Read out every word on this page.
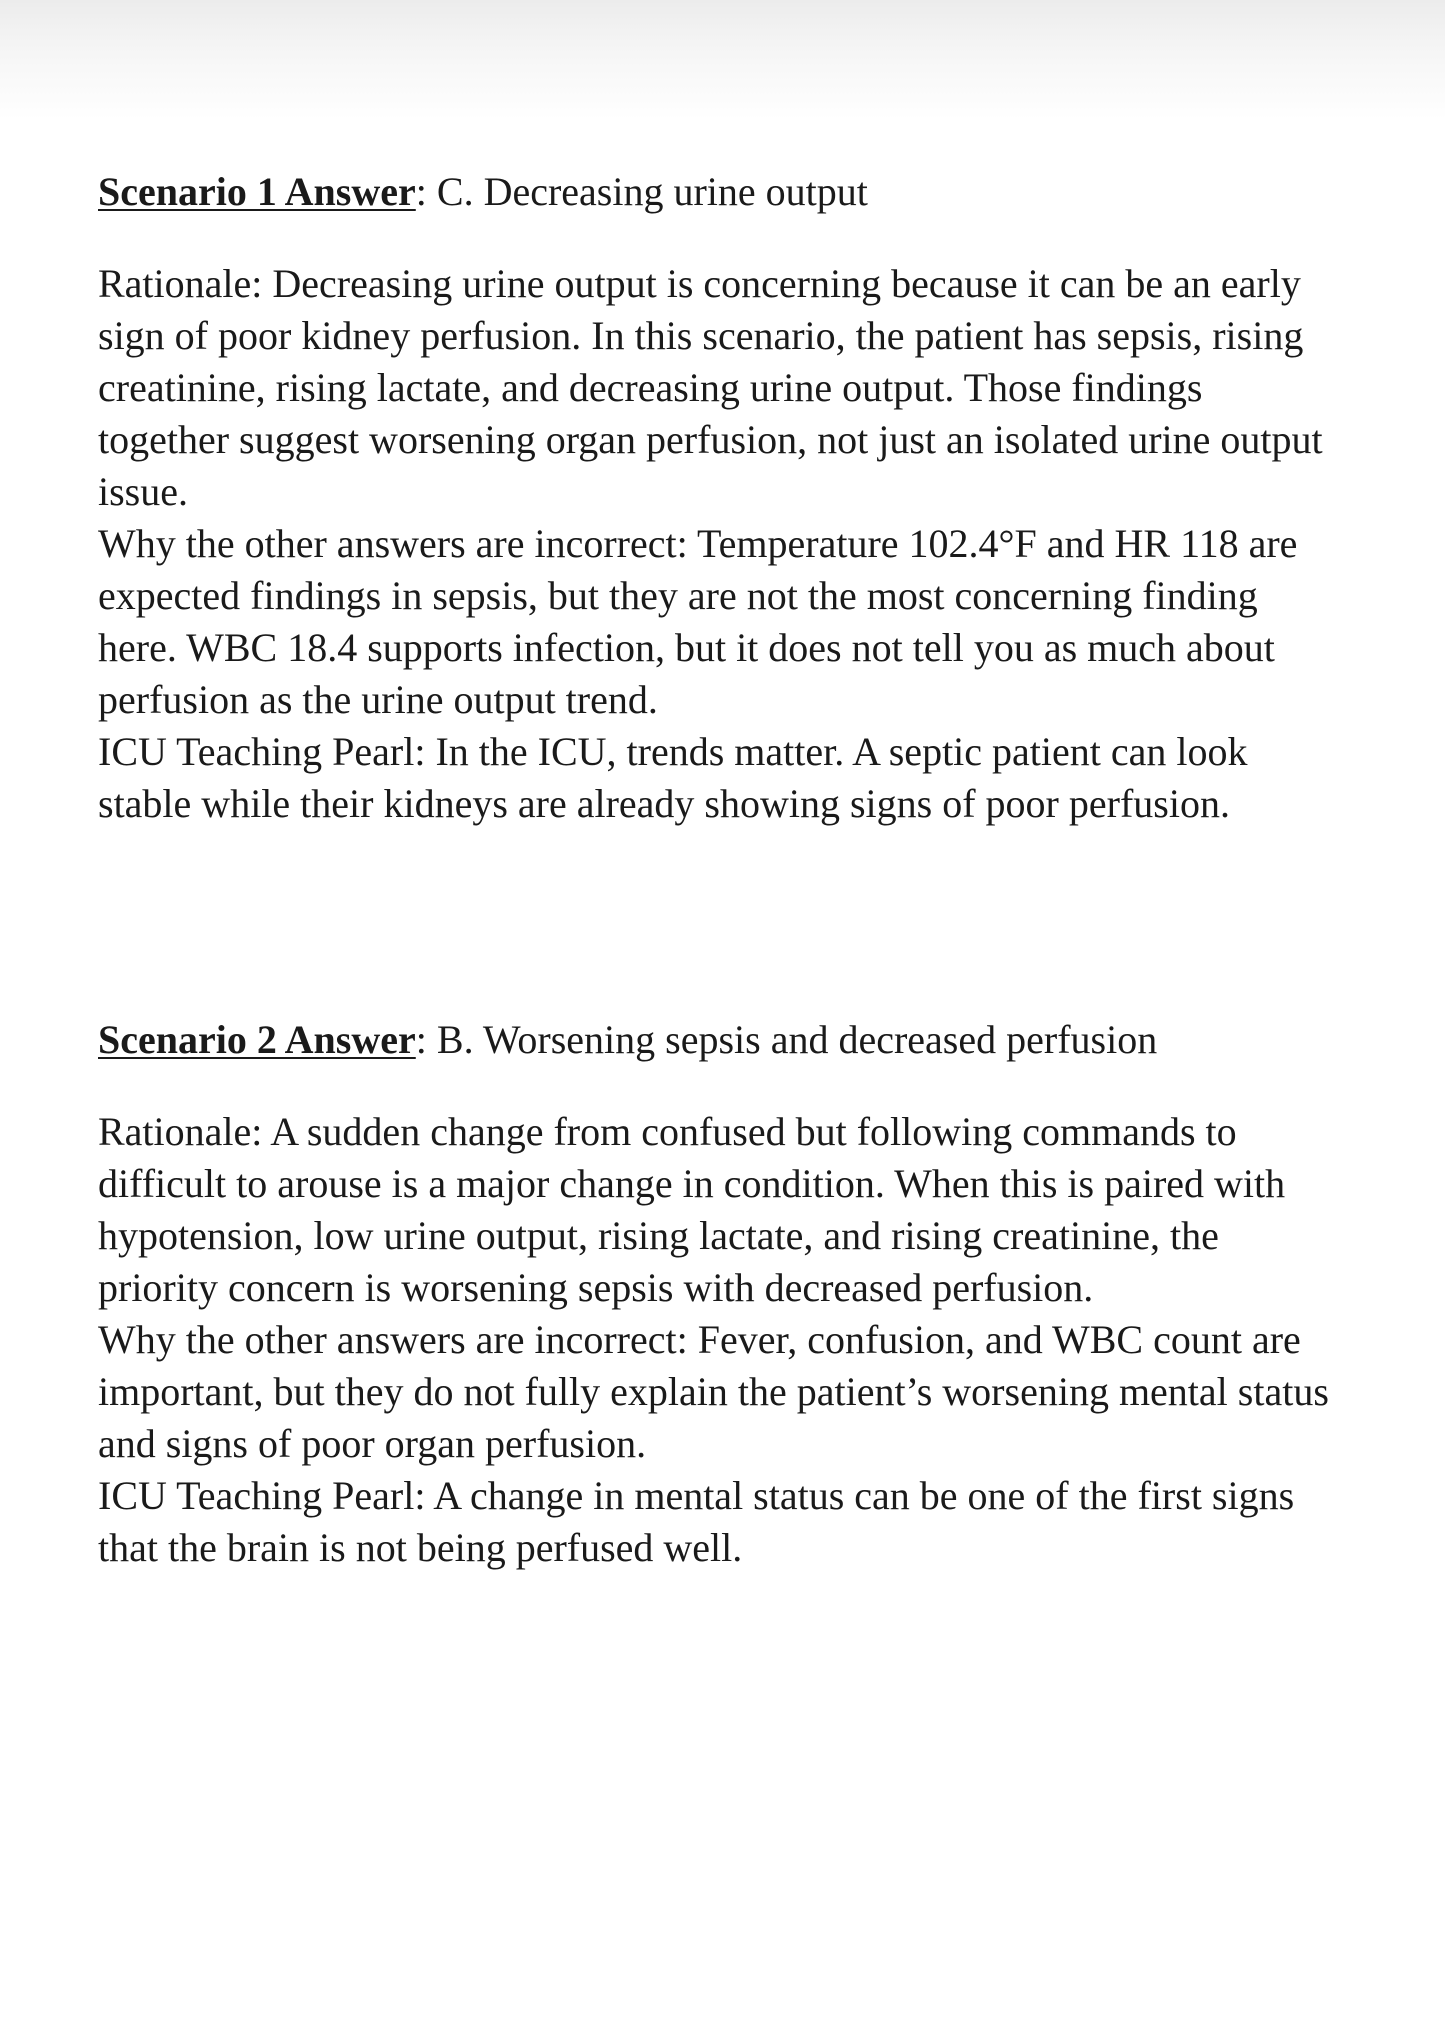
Scenario 1 Answer: C. Decreasing urine output

Rationale: Decreasing urine output is concerning because it can be an early sign of poor kidney perfusion. In this scenario, the patient has sepsis, rising creatinine, rising lactate, and decreasing urine output. Those findings together suggest worsening organ perfusion, not just an isolated urine output issue.

Why the other answers are incorrect: Temperature 102.4°F and HR 118 are expected findings in sepsis, but they are not the most concerning finding here. WBC 18.4 supports infection, but it does not tell you as much about perfusion as the urine output trend.

ICU Teaching Pearl: In the ICU, trends matter. A septic patient can look stable while their kidneys are already showing signs of poor perfusion.

Scenario 2 Answer: B. Worsening sepsis and decreased perfusion

Rationale: A sudden change from confused but following commands to difficult to arouse is a major change in condition. When this is paired with hypotension, low urine output, rising lactate, and rising creatinine, the priority concern is worsening sepsis with decreased perfusion.

Why the other answers are incorrect: Fever, confusion, and WBC count are important, but they do not fully explain the patient’s worsening mental status and signs of poor organ perfusion.

ICU Teaching Pearl: A change in mental status can be one of the first signs that the brain is not being perfused well.
